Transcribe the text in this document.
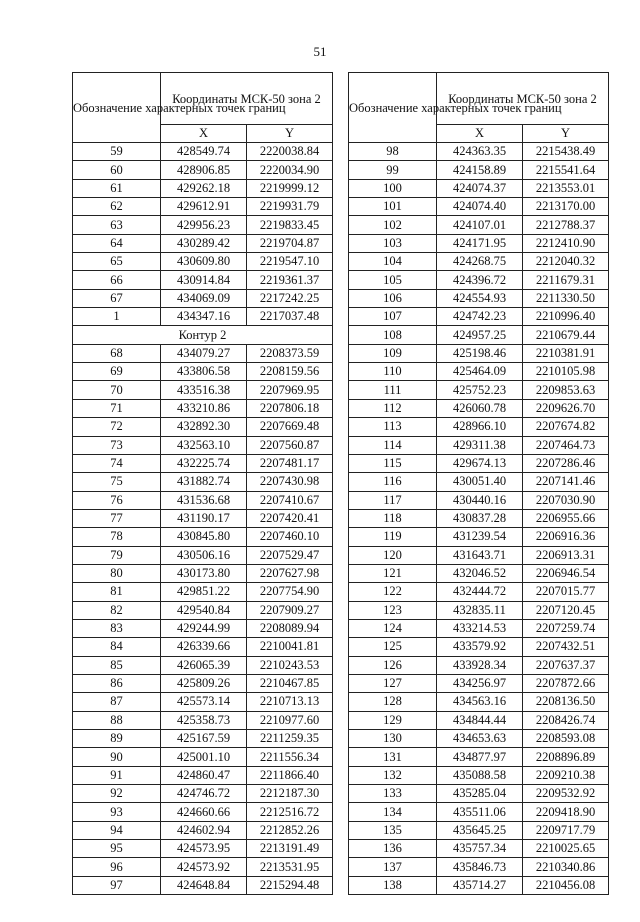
51
Обозначение характерных точек границ	Координаты МСК-50 зона 2	
	X	Y
59	428549.74	2220038.84
60	428906.85	2220034.90
61	429262.18	2219999.12
62	429612.91	2219931.79
63	429956.23	2219833.45
64	430289.42	2219704.87
65	430609.80	2219547.10
66	430914.84	2219361.37
67	434069.09	2217242.25
1	434347.16	2217037.48
Контур 2		
68	434079.27	2208373.59
69	433806.58	2208159.56
70	433516.38	2207969.95
71	433210.86	2207806.18
72	432892.30	2207669.48
73	432563.10	2207560.87
74	432225.74	2207481.17
75	431882.74	2207430.98
76	431536.68	2207410.67
77	431190.17	2207420.41
78	430845.80	2207460.10
79	430506.16	2207529.47
80	430173.80	2207627.98
81	429851.22	2207754.90
82	429540.84	2207909.27
83	429244.99	2208089.94
84	426339.66	2210041.81
85	426065.39	2210243.53
86	425809.26	2210467.85
87	425573.14	2210713.13
88	425358.73	2210977.60
89	425167.59	2211259.35
90	425001.10	2211556.34
91	424860.47	2211866.40
92	424746.72	2212187.30
93	424660.66	2212516.72
94	424602.94	2212852.26
95	424573.95	2213191.49
96	424573.92	2213531.95
97	424648.84	2215294.48
Обозначение характерных точек границ	Координаты МСК-50 зона 2	
	X	Y
98	424363.35	2215438.49
99	424158.89	2215541.64
100	424074.37	2213553.01
101	424074.40	2213170.00
102	424107.01	2212788.37
103	424171.95	2212410.90
104	424268.75	2212040.32
105	424396.72	2211679.31
106	424554.93	2211330.50
107	424742.23	2210996.40
108	424957.25	2210679.44
109	425198.46	2210381.91
110	425464.09	2210105.98
111	425752.23	2209853.63
112	426060.78	2209626.70
113	428966.10	2207674.82
114	429311.38	2207464.73
115	429674.13	2207286.46
116	430051.40	2207141.46
117	430440.16	2207030.90
118	430837.28	2206955.66
119	431239.54	2206916.36
120	431643.71	2206913.31
121	432046.52	2206946.54
122	432444.72	2207015.77
123	432835.11	2207120.45
124	433214.53	2207259.74
125	433579.92	2207432.51
126	433928.34	2207637.37
127	434256.97	2207872.66
128	434563.16	2208136.50
129	434844.44	2208426.74
130	434653.63	2208593.08
131	434877.97	2208896.89
132	435088.58	2209210.38
133	435285.04	2209532.92
134	435511.06	2209418.90
135	435645.25	2209717.79
136	435757.34	2210025.65
137	435846.73	2210340.86
138	435714.27	2210456.08
